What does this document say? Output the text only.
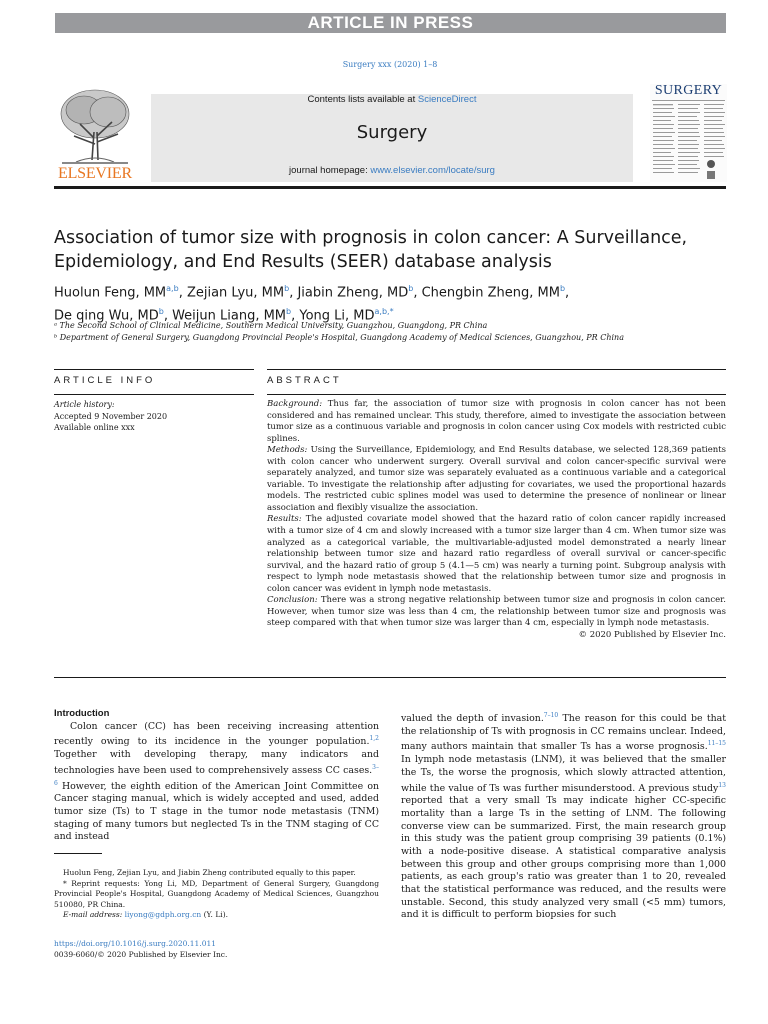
ARTICLE IN PRESS
Surgery xxx (2020) 1–8
ELSEVIER
Contents lists available at ScienceDirect
Surgery
journal homepage: www.elsevier.com/locate/surg
SURGERY
Association of tumor size with prognosis in colon cancer: A Surveillance, Epidemiology, and End Results (SEER) database analysis
Huolun Feng, MM$^{a,b}$, Zejian Lyu, $MM^b$, Jiabin Zheng, $MD^b$, Chengbin Zheng, $MM^b$,
De qing Wu, $MD^b$, Weijun Liang, $MM^b$, Yong Li, $MD^{a,b,*}$
ᵃ The Second School of Clinical Medicine, Southern Medical University, Guangzhou, Guangdong, PR China
ᵇ Department of General Surgery, Guangdong Provincial People's Hospital, Guangdong Academy of Medical Sciences, Guangzhou, PR China
ARTICLE INFO	ABSTRACT
Article history:
Accepted 9 November 2020
Available online xxx

Background: Thus far, the association of tumor size with prognosis in colon cancer has not been considered and has remained unclear. This study, therefore, aimed to investigate the association between tumor size as a continuous variable and prognosis in colon cancer using Cox models with restricted cubic splines.

Methods: Using the Surveillance, Epidemiology, and End Results database, we selected 128,369 patients with colon cancer who underwent surgery. Overall survival and colon cancer-specific survival were separately analyzed, and tumor size was separately evaluated as a continuous variable and a categorical variable. To investigate the relationship after adjusting for covariates, we used the proportional hazards models. The restricted cubic splines model was used to determine the presence of nonlinear or linear association and flexibly visualize the association.

Results: The adjusted covariate model showed that the hazard ratio of colon cancer rapidly increased with a tumor size of 4 cm and slowly increased with a tumor size larger than 4 cm. When tumor size was analyzed as a categorical variable, the multivariable-adjusted model demonstrated a nearly linear relationship between tumor size and hazard ratio regardless of overall survival or cancer-specific survival, and the hazard ratio of group 5 (4.1—5 cm) was nearly a turning point. Subgroup analysis with respect to lymph node metastasis showed that the relationship between tumor size and prognosis in colon cancer was evident in lymph node metastasis.

Conclusion: There was a strong negative relationship between tumor size and prognosis in colon cancer. However, when tumor size was less than 4 cm, the relationship between tumor size and prognosis was steep compared with that when tumor size was larger than 4 cm, especially in lymph node metastasis.

© 2020 Published by Elsevier Inc.

Introduction

Colon cancer (CC) has been receiving increasing attention recently owing to its incidence in the younger population.$^{1,2}$ Together with developing therapy, many indicators and technologies have been used to comprehensively assess CC cases.$^{3-6}$ However, the eighth edition of the American Joint Committee on Cancer staging manual, which is widely accepted and used, added tumor size (Ts) to T stage in the tumor node metastasis (TNM) staging of many tumors but neglected Ts in the TNM staging of CC and instead

valued the depth of invasion.$^{7-10}$ The reason for this could be that the relationship of Ts with prognosis in CC remains unclear. Indeed, many authors maintain that smaller Ts has a worse prognosis.$^{11-15}$ In lymph node metastasis (LNM), it was believed that the smaller the Ts, the worse the prognosis, which slowly attracted attention, while the value of Ts was further misunderstood. A previous study$^{13}$ reported that a very small Ts may indicate higher CC-specific mortality than a large Ts in the setting of LNM. The following converse view can be summarized. First, the main research group in this study was the patient group comprising 39 patients (0.1%) with a node-positive disease. A statistical comparative analysis between this group and other groups comprising more than 1,000 patients, as each group's ratio was greater than 1 to 20, revealed that the statistical performance was reduced, and the results were unstable. Second, this study analyzed very small (<5 mm) tumors, and it is difficult to perform biopsies for such

Huolun Feng, Zejian Lyu, and Jiabin Zheng contributed equally to this paper.

* Reprint requests: Yong Li, MD, Department of General Surgery, Guangdong Provincial People's Hospital, Guangdong Academy of Medical Sciences, Guangzhou 510080, PR China.

E-mail address: liyong@gdph.org.cn (Y. Li).

https://doi.org/10.1016/j.surg.2020.11.011
0039-6060/© 2020 Published by Elsevier Inc.
